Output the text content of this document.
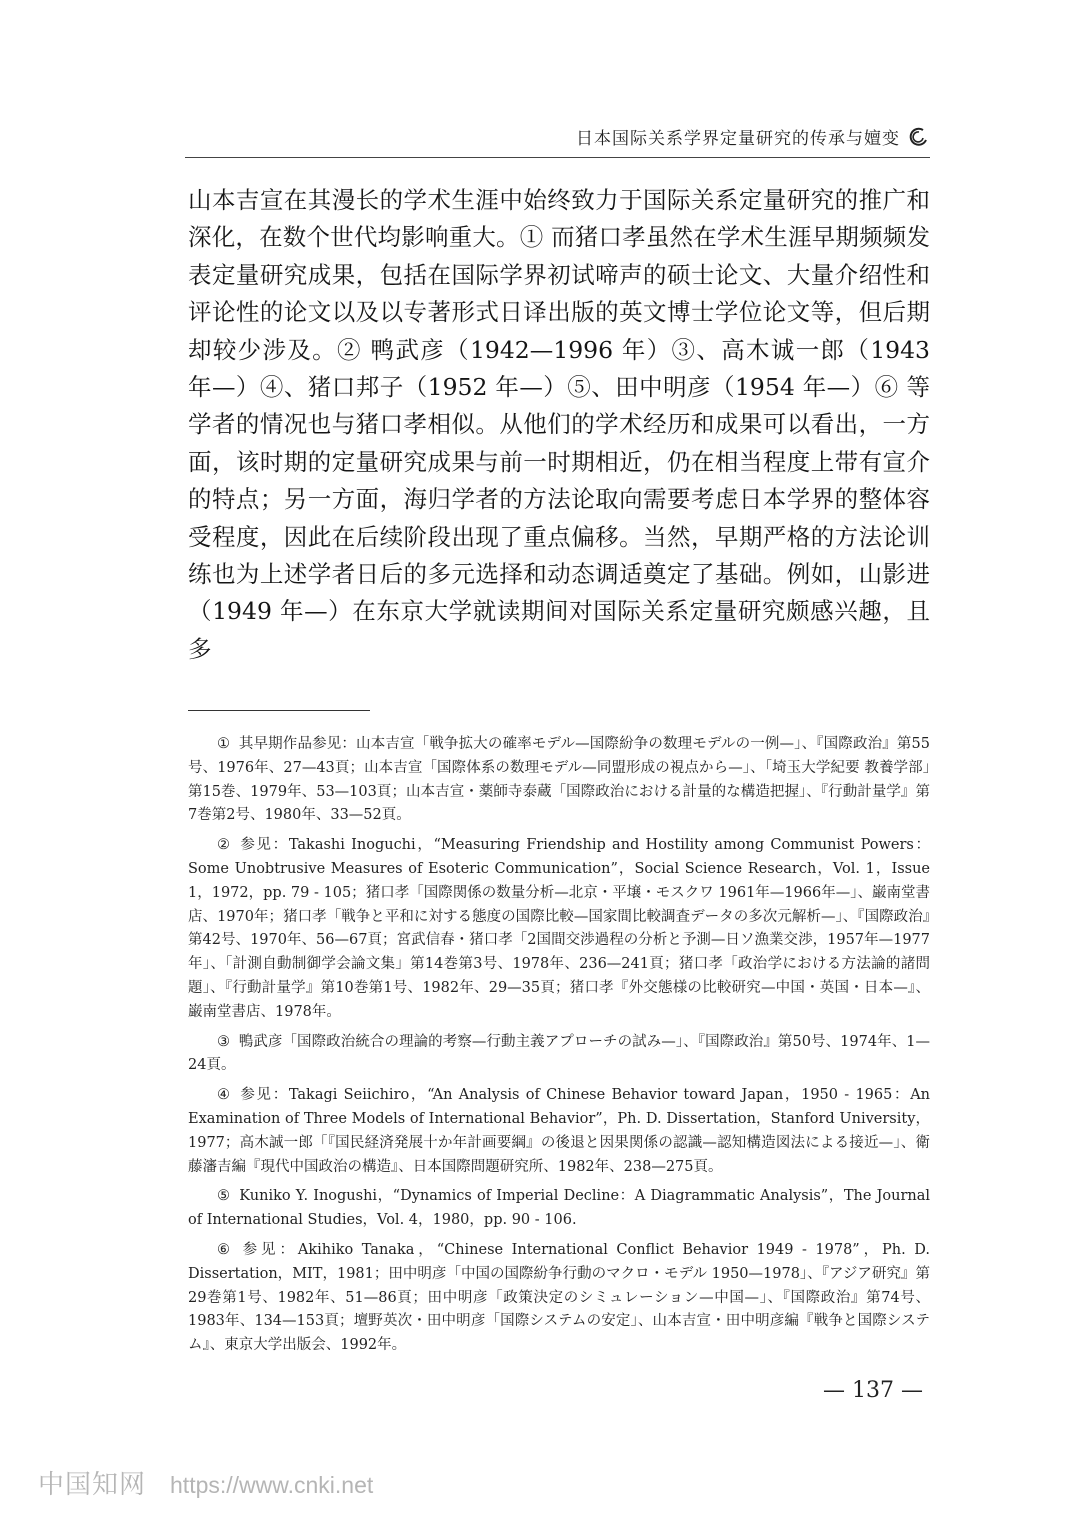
日本国际关系学界定量研究的传承与嬗变

山本吉宣在其漫长的学术生涯中始终致力于国际关系定量研究的推广和深化，在数个世代均影响重大。① 而猪口孝虽然在学术生涯早期频频发表定量研究成果，包括在国际学界初试啼声的硕士论文、大量介绍性和评论性的论文以及以专著形式日译出版的英文博士学位论文等，但后期却较少涉及。② 鸭武彦（1942—1996 年）③、高木诚一郎（1943 年—）④、猪口邦子（1952 年—）⑤、田中明彦（1954 年—）⑥ 等学者的情况也与猪口孝相似。从他们的学术经历和成果可以看出，一方面，该时期的定量研究成果与前一时期相近，仍在相当程度上带有宣介的特点；另一方面，海归学者的方法论取向需要考虑日本学界的整体容受程度，因此在后续阶段出现了重点偏移。当然，早期严格的方法论训练也为上述学者日后的多元选择和动态调适奠定了基础。例如，山影进（1949 年—）在东京大学就读期间对国际关系定量研究颇感兴趣，且多

① 其早期作品参见：山本吉宣「戦争拡大の確率モデル—国際紛争の数理モデルの一例—」、『国際政治』第55号、1976年、27—43頁；山本吉宣「国際体系の数理モデル—同盟形成の視点から—」、「埼玉大学紀要 教養学部」第15巻、1979年、53—103頁；山本吉宣・薬師寺泰蔵「国際政治における計量的な構造把握」、『行動計量学』第7巻第2号、1980年、33—52頁。

② 参见：Takashi Inoguchi，“Measuring Friendship and Hostility among Communist Powers：Some Unobtrusive Measures of Esoteric Communication”，Social Science Research，Vol. 1，Issue 1，1972，pp. 79 - 105；猪口孝「国際関係の数量分析—北京・平壌・モスクワ 1961年—1966年—」、巌南堂書店、1970年；猪口孝「戦争と平和に対する態度の国際比較—国家間比較調査データの多次元解析—」、『国際政治』第42号、1970年、56—67頁；宮武信春・猪口孝「2国間交渉過程の分析と予測—日ソ漁業交渉，1957年—1977年」、「計測自動制御学会論文集」第14巻第3号、1978年、236—241頁；猪口孝「政治学における方法論的諸問題」、『行動計量学』第10巻第1号、1982年、29—35頁；猪口孝『外交態様の比較研究—中国・英国・日本—』、巌南堂書店、1978年。

③ 鴨武彦「国際政治統合の理論的考察—行動主義アプローチの試み—」、『国際政治』第50号、1974年、1—24頁。

④ 参见：Takagi Seiichiro，“An Analysis of Chinese Behavior toward Japan，1950 - 1965：An Examination of Three Models of International Behavior”，Ph. D. Dissertation，Stanford University，1977；高木誠一郎「『国民経済発展十か年計画要綱』の後退と因果関係の認識—認知構造図法による接近—」、衛藤瀋吉編『現代中国政治の構造』、日本国際問題研究所、1982年、238—275頁。

⑤ Kuniko Y. Inogushi，“Dynamics of Imperial Decline：A Diagrammatic Analysis”，The Journal of International Studies，Vol. 4，1980，pp. 90 - 106.

⑥ 参见：Akihiko Tanaka，“Chinese International Conflict Behavior 1949 - 1978”，Ph. D. Dissertation，MIT，1981；田中明彦「中国の国際紛争行動のマクロ・モデル 1950—1978」、『アジア研究』第29巻第1号、1982年、51—86頁；田中明彦「政策決定のシミュレーション—中国—」、『国際政治』第74号、1983年、134—153頁；壇野英次・田中明彦「国際システムの安定」、山本吉宣・田中明彦編『戦争と国際システム』、東京大学出版会、1992年。

— 137 —
中国知网 https://www.cnki.net
